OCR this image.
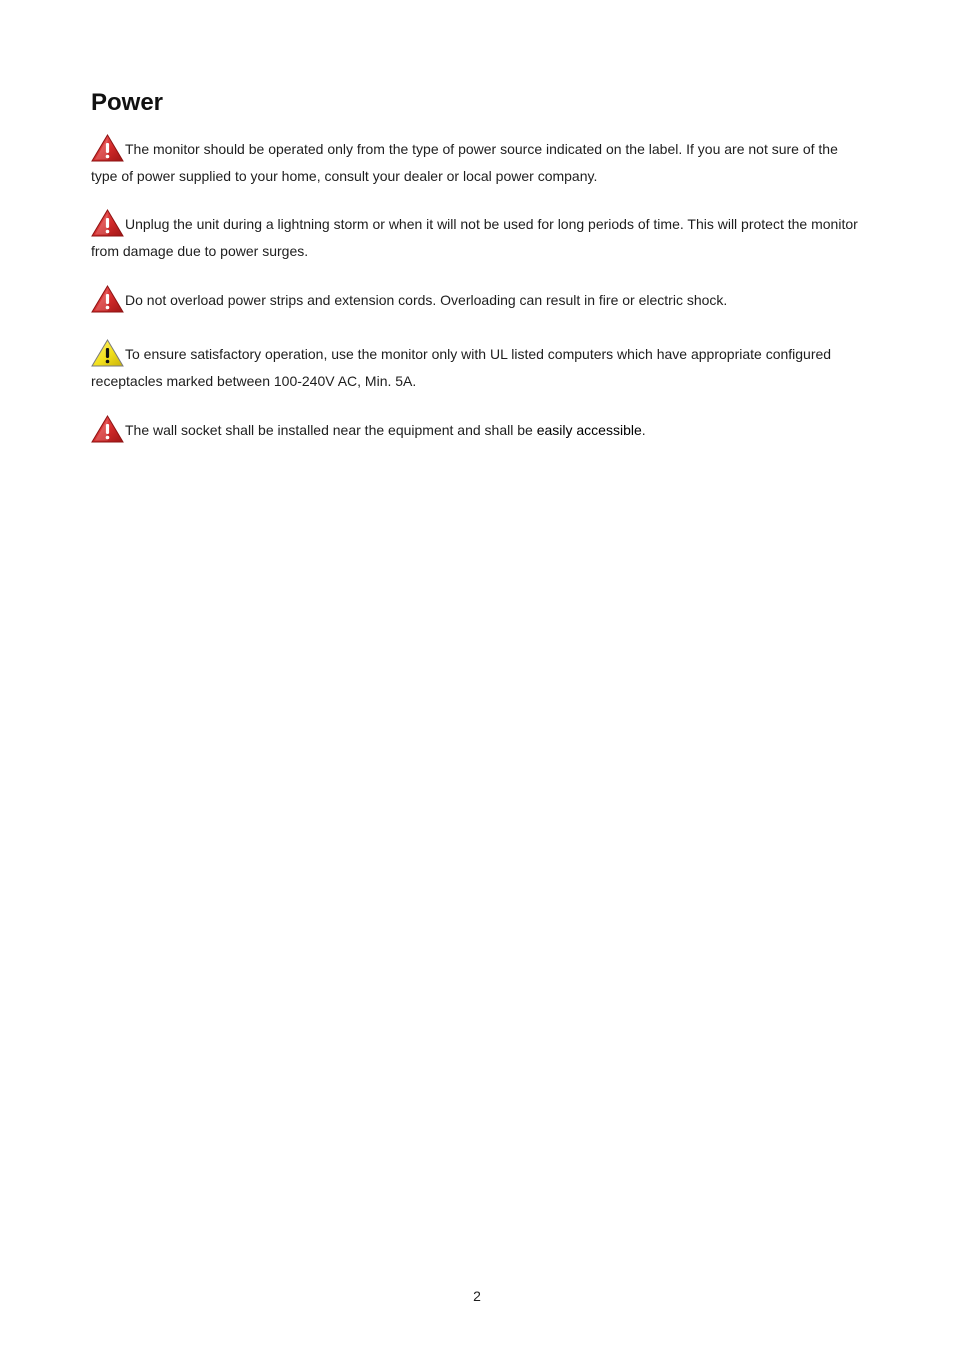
Power

The monitor should be operated only from the type of power source indicated on the label. If you are not sure of the type of power supplied to your home, consult your dealer or local power company.

Unplug the unit during a lightning storm or when it will not be used for long periods of time. This will protect the monitor from damage due to power surges.

Do not overload power strips and extension cords. Overloading can result in fire or electric shock.

To ensure satisfactory operation, use the monitor only with UL listed computers which have appropriate configured receptacles marked between 100-240V AC, Min. 5A.

The wall socket shall be installed near the equipment and shall be easily accessible.

2
